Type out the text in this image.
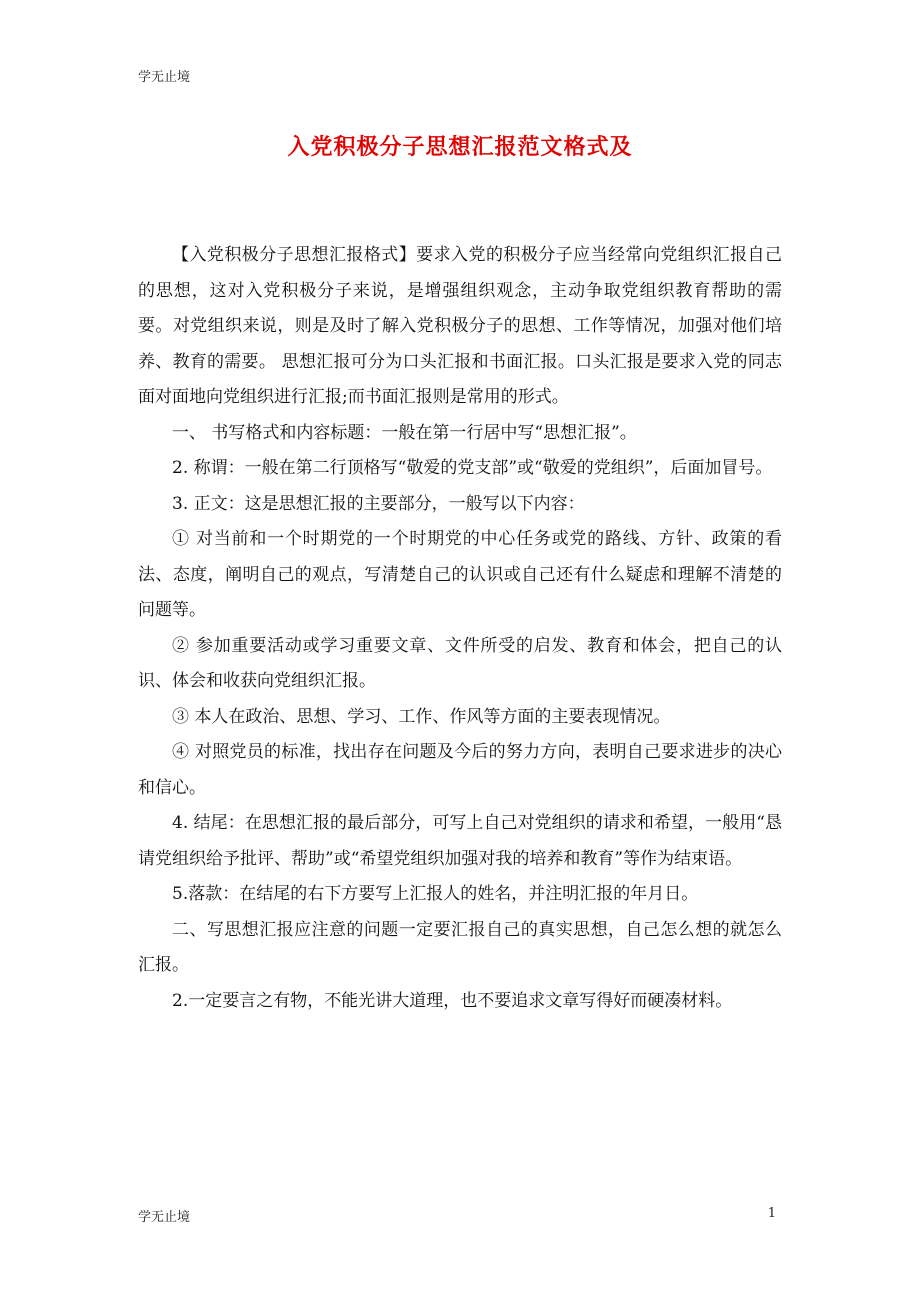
学无止境
入党积极分子思想汇报范文格式及

【入党积极分子思想汇报格式】要求入党的积极分子应当经常向党组织汇报自己的思想，这对入党积极分子来说，是增强组织观念，主动争取党组织教育帮助的需要。对党组织来说，则是及时了解入党积极分子的思想、工作等情况，加强对他们培养、教育的需要。 思想汇报可分为口头汇报和书面汇报。口头汇报是要求入党的同志面对面地向党组织进行汇报;而书面汇报则是常用的形式。

一、 书写格式和内容标题：一般在第一行居中写“思想汇报”。

2. 称谓：一般在第二行顶格写“敬爱的党支部”或“敬爱的党组织”，后面加冒号。

3. 正文：这是思想汇报的主要部分，一般写以下内容：

① 对当前和一个时期党的一个时期党的中心任务或党的路线、方针、政策的看法、态度，阐明自己的观点，写清楚自己的认识或自己还有什么疑虑和理解不清楚的问题等。

② 参加重要活动或学习重要文章、文件所受的启发、教育和体会，把自己的认识、体会和收获向党组织汇报。

③ 本人在政治、思想、学习、工作、作风等方面的主要表现情况。

④ 对照党员的标准，找出存在问题及今后的努力方向，表明自己要求进步的决心和信心。

4. 结尾：在思想汇报的最后部分，可写上自己对党组织的请求和希望，一般用“恳请党组织给予批评、帮助”或“希望党组织加强对我的培养和教育”等作为结束语。

5.落款：在结尾的右下方要写上汇报人的姓名，并注明汇报的年月日。

二、写思想汇报应注意的问题一定要汇报自己的真实思想，自己怎么想的就怎么汇报。

2.一定要言之有物，不能光讲大道理，也不要追求文章写得好而硬凑材料。

学无止境	1
